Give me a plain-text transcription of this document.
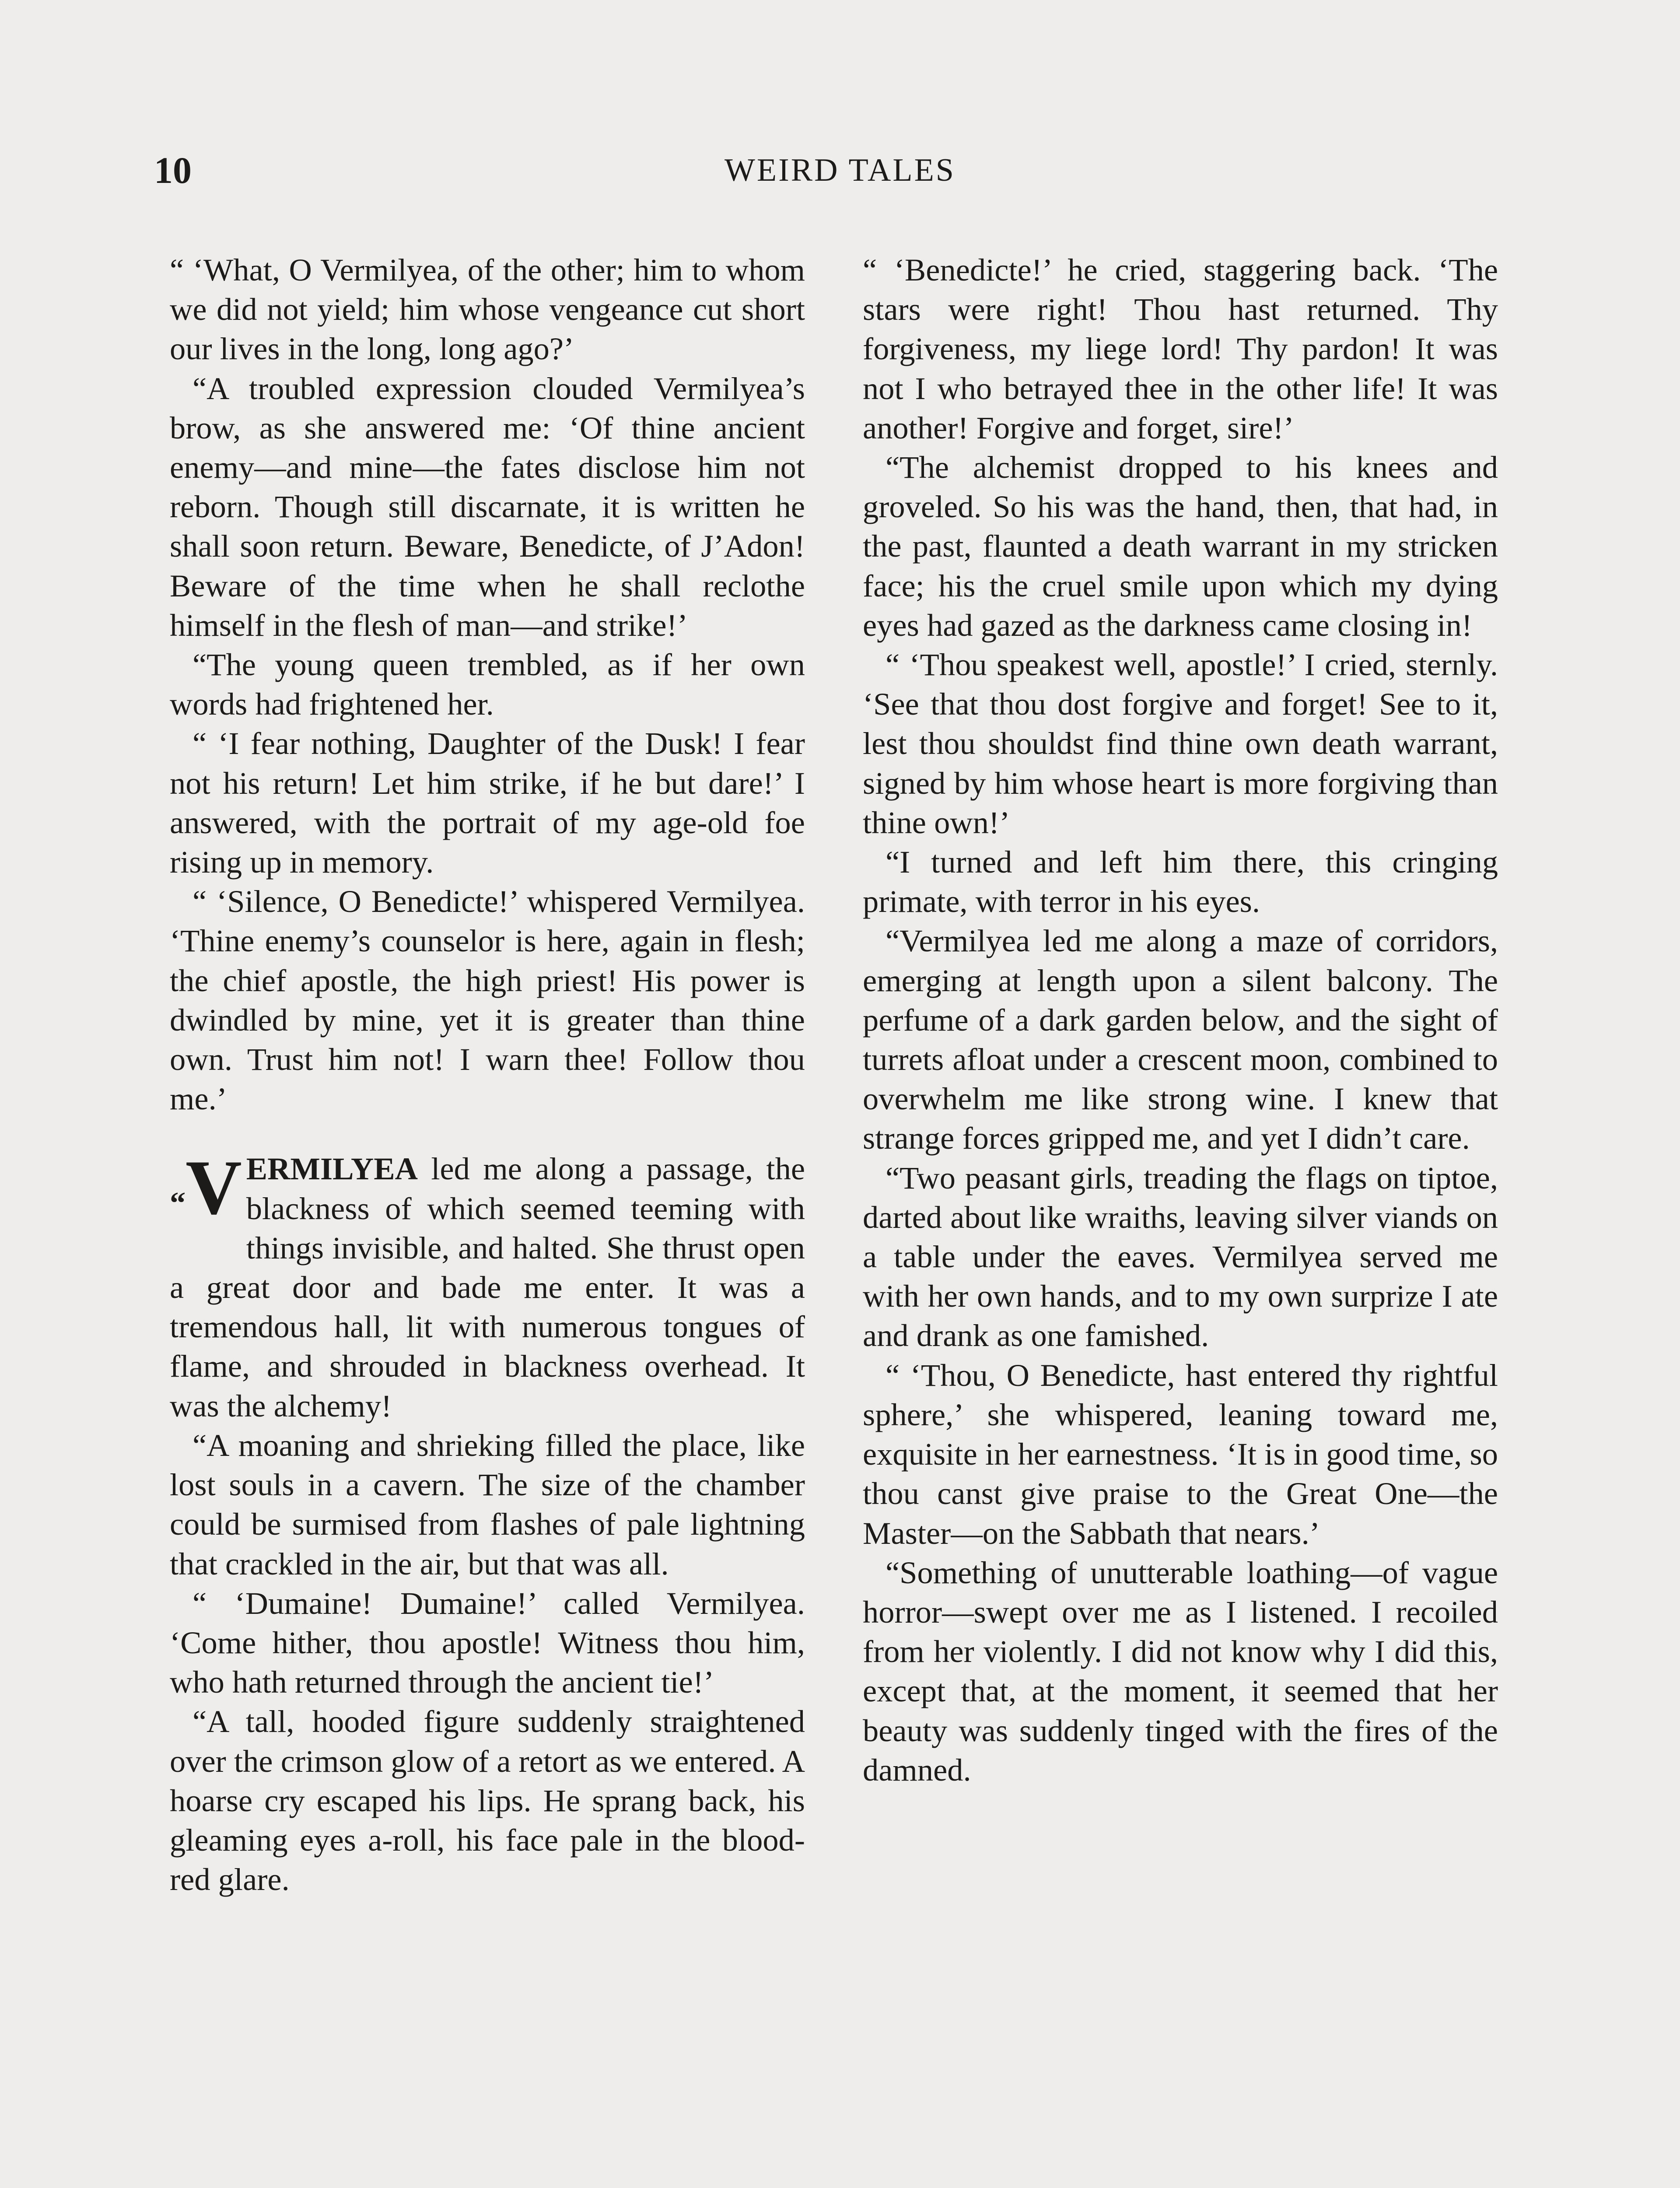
10	WEIRD TALES

“ ‘What, O Vermilyea, of the other; him to whom we did not yield; him whose vengeance cut short our lives in the long, long ago?’

“A troubled expression clouded Vermilyea’s brow, as she answered me: ‘Of thine ancient enemy—and mine—the fates disclose him not reborn. Though still discarnate, it is written he shall soon return. Beware, Benedicte, of J’Adon! Beware of the time when he shall reclothe himself in the flesh of man—and strike!’

“The young queen trembled, as if her own words had frightened her.

“ ‘I fear nothing, Daughter of the Dusk! I fear not his return! Let him strike, if he but dare!’ I answered, with the portrait of my age-old foe rising up in memory.

“ ‘Silence, O Benedicte!’ whispered Vermilyea. ‘Thine enemy’s counselor is here, again in flesh; the chief apostle, the high priest! His power is dwindled by mine, yet it is greater than thine own. Trust him not! I warn thee! Follow thou me.’

“V ERMILYEA led me along a passage, the blackness of which seemed teeming with things invisible, and halted. She thrust open a great door and bade me enter. It was a tremendous hall, lit with numerous tongues of flame, and shrouded in blackness overhead. It was the alchemy!

“A moaning and shrieking filled the place, like lost souls in a cavern. The size of the chamber could be surmised from flashes of pale lightning that crackled in the air, but that was all.

“ ‘Dumaine! Dumaine!’ called Vermilyea. ‘Come hither, thou apostle! Witness thou him, who hath returned through the ancient tie!’

“A tall, hooded figure suddenly straightened over the crimson glow of a retort as we entered. A hoarse cry escaped his lips. He sprang back, his gleaming eyes a-roll, his face pale in the blood-red glare.

“ ‘Benedicte!’ he cried, staggering back. ‘The stars were right! Thou hast returned. Thy forgiveness, my liege lord! Thy pardon! It was not I who betrayed thee in the other life! It was another! Forgive and forget, sire!’

“The alchemist dropped to his knees and groveled. So his was the hand, then, that had, in the past, flaunted a death warrant in my stricken face; his the cruel smile upon which my dying eyes had gazed as the darkness came closing in!

“ ‘Thou speakest well, apostle!’ I cried, sternly. ‘See that thou dost forgive and forget! See to it, lest thou shouldst find thine own death warrant, signed by him whose heart is more forgiving than thine own!’

“I turned and left him there, this cringing primate, with terror in his eyes.

“Vermilyea led me along a maze of corridors, emerging at length upon a silent balcony. The perfume of a dark garden below, and the sight of turrets afloat under a crescent moon, combined to overwhelm me like strong wine. I knew that strange forces gripped me, and yet I didn’t care.

“Two peasant girls, treading the flags on tiptoe, darted about like wraiths, leaving silver viands on a table under the eaves. Vermilyea served me with her own hands, and to my own surprize I ate and drank as one famished.

“ ‘Thou, O Benedicte, hast entered thy rightful sphere,’ she whispered, leaning toward me, exquisite in her earnestness. ‘It is in good time, so thou canst give praise to the Great One—the Master—on the Sabbath that nears.’

“Something of unutterable loathing—of vague horror—swept over me as I listened. I recoiled from her violently. I did not know why I did this, except that, at the moment, it seemed that her beauty was suddenly tinged with the fires of the damned.
